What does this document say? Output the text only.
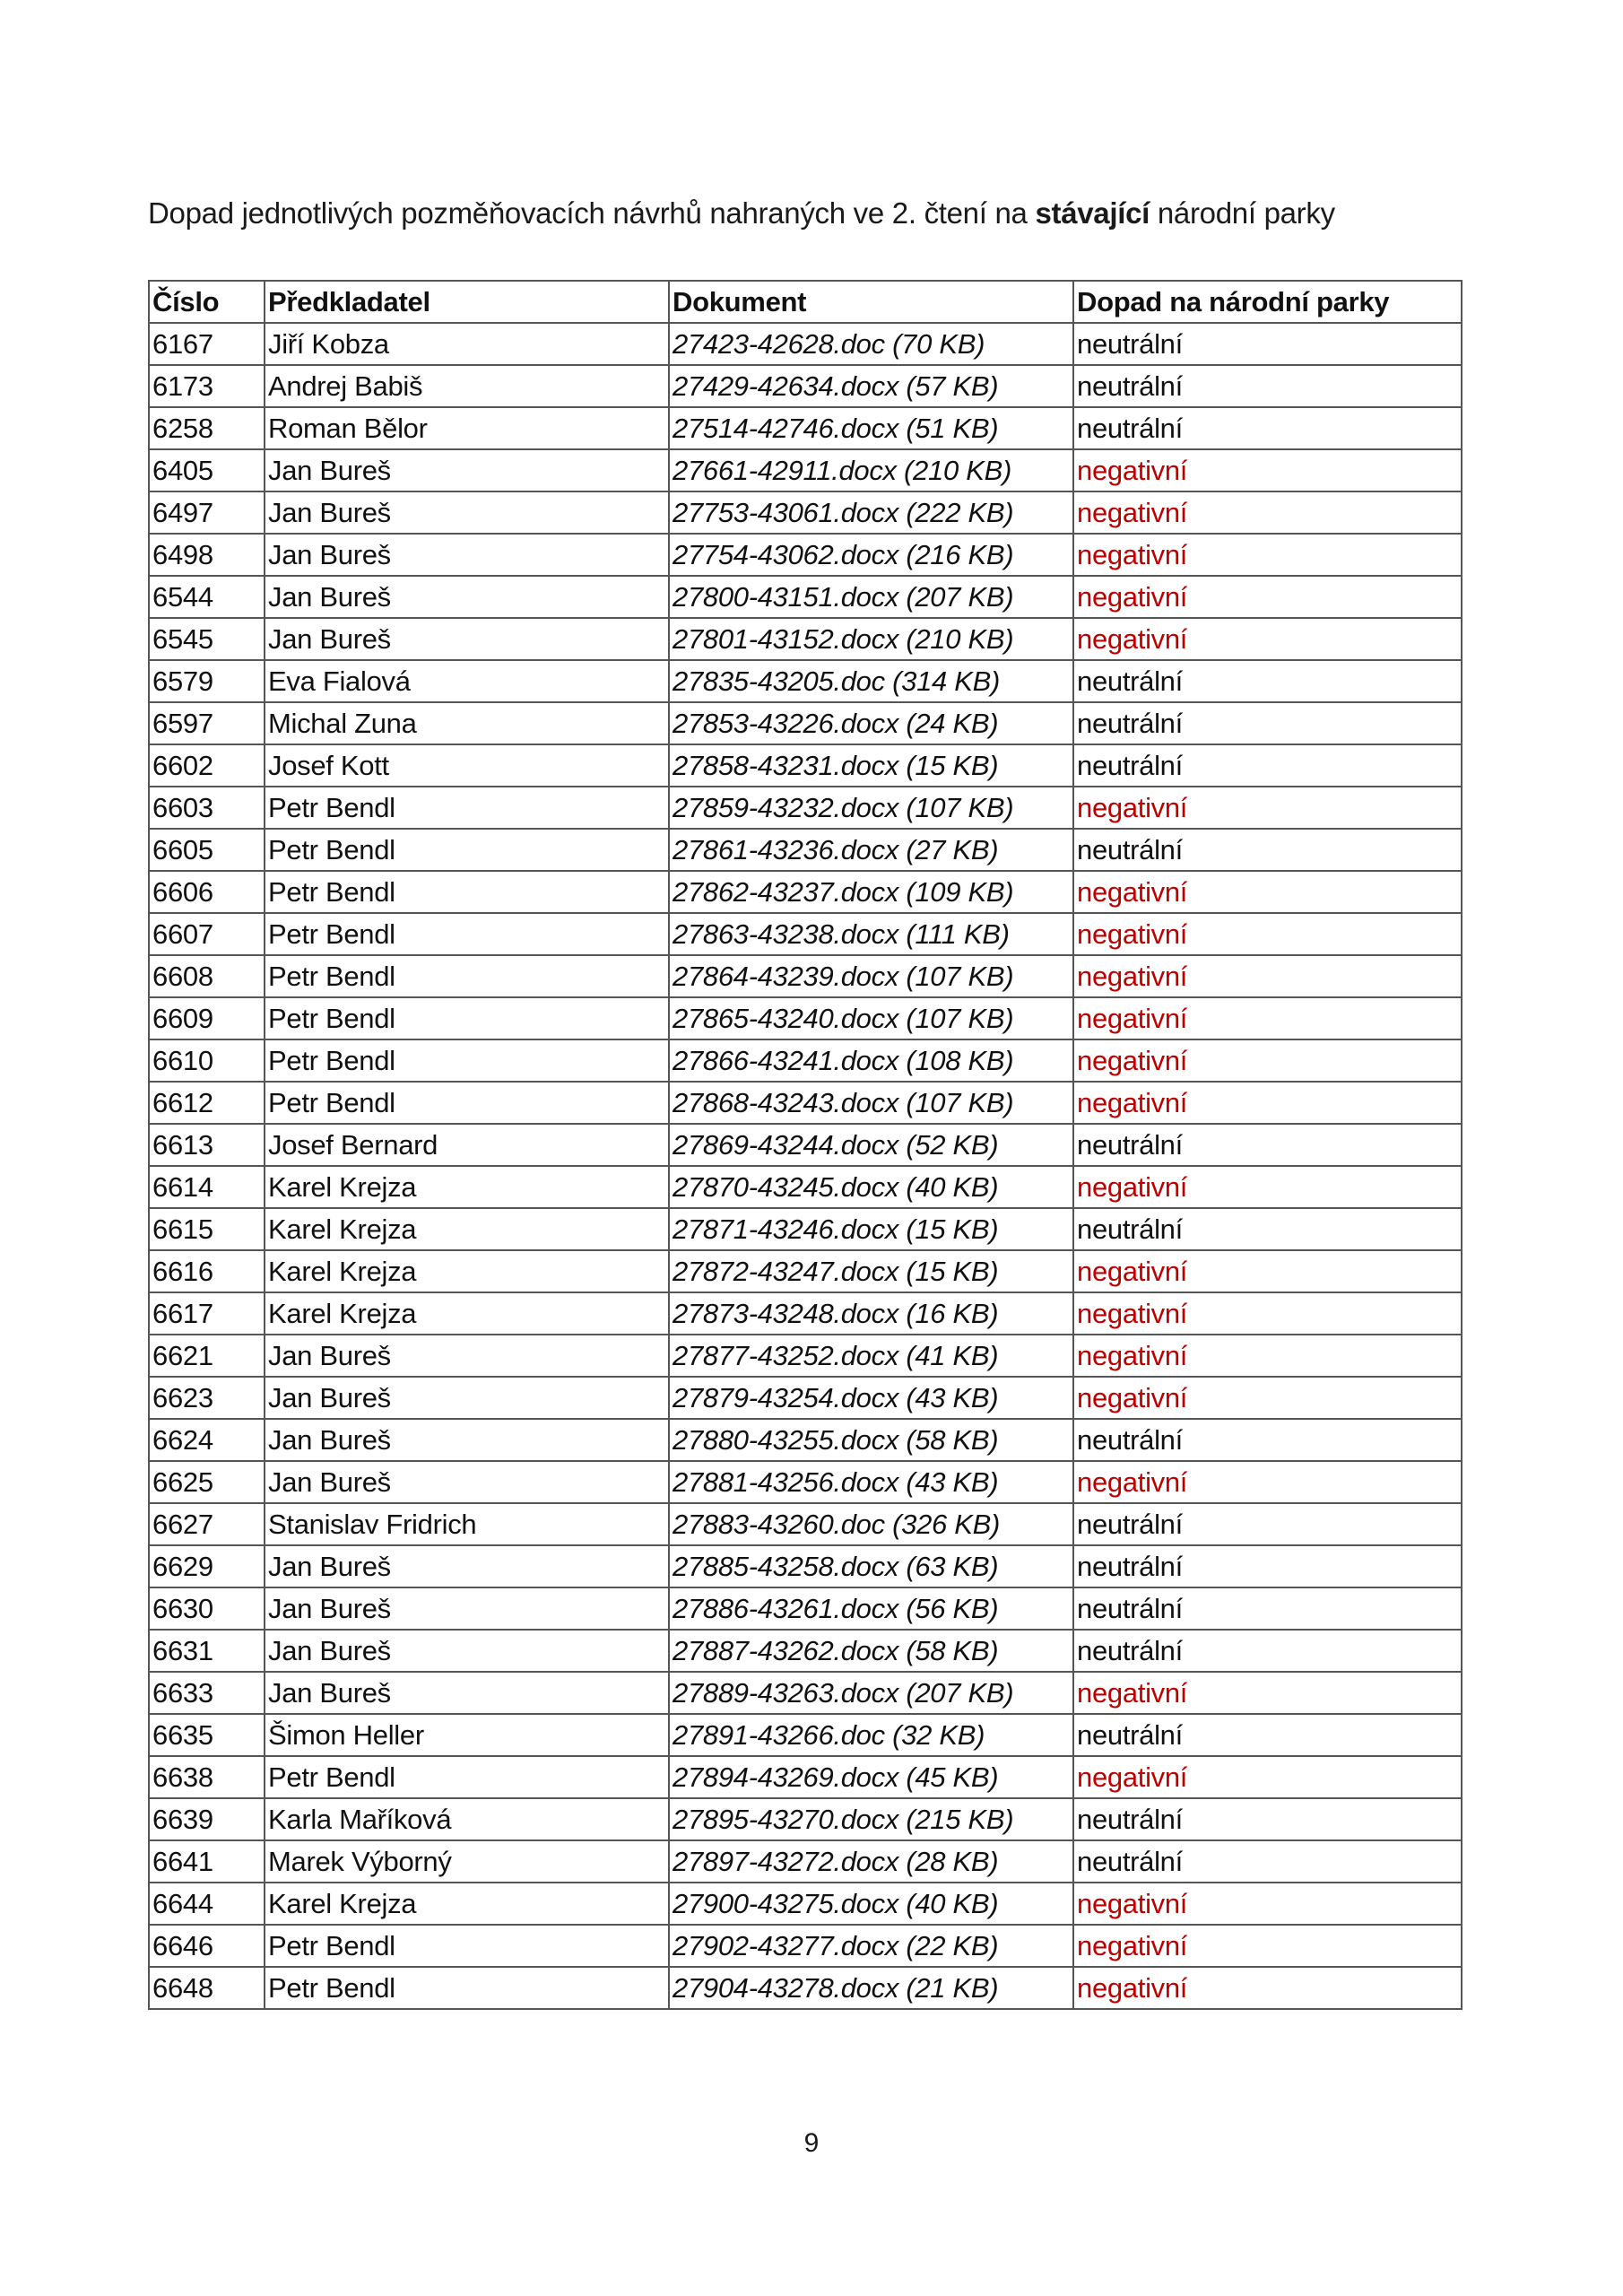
Dopad jednotlivých pozměňovacích návrhů nahraných ve 2. čtení na stávající národní parky
Číslo	Předkladatel	Dokument	Dopad na národní parky
6167	Jiří Kobza	27423-42628.doc (70 KB)	neutrální
6173	Andrej Babiš	27429-42634.docx (57 KB)	neutrální
6258	Roman Bělor	27514-42746.docx (51 KB)	neutrální
6405	Jan Bureš	27661-42911.docx (210 KB)	negativní
6497	Jan Bureš	27753-43061.docx (222 KB)	negativní
6498	Jan Bureš	27754-43062.docx (216 KB)	negativní
6544	Jan Bureš	27800-43151.docx (207 KB)	negativní
6545	Jan Bureš	27801-43152.docx (210 KB)	negativní
6579	Eva Fialová	27835-43205.doc (314 KB)	neutrální
6597	Michal Zuna	27853-43226.docx (24 KB)	neutrální
6602	Josef Kott	27858-43231.docx (15 KB)	neutrální
6603	Petr Bendl	27859-43232.docx (107 KB)	negativní
6605	Petr Bendl	27861-43236.docx (27 KB)	neutrální
6606	Petr Bendl	27862-43237.docx (109 KB)	negativní
6607	Petr Bendl	27863-43238.docx (111 KB)	negativní
6608	Petr Bendl	27864-43239.docx (107 KB)	negativní
6609	Petr Bendl	27865-43240.docx (107 KB)	negativní
6610	Petr Bendl	27866-43241.docx (108 KB)	negativní
6612	Petr Bendl	27868-43243.docx (107 KB)	negativní
6613	Josef Bernard	27869-43244.docx (52 KB)	neutrální
6614	Karel Krejza	27870-43245.docx (40 KB)	negativní
6615	Karel Krejza	27871-43246.docx (15 KB)	neutrální
6616	Karel Krejza	27872-43247.docx (15 KB)	negativní
6617	Karel Krejza	27873-43248.docx (16 KB)	negativní
6621	Jan Bureš	27877-43252.docx (41 KB)	negativní
6623	Jan Bureš	27879-43254.docx (43 KB)	negativní
6624	Jan Bureš	27880-43255.docx (58 KB)	neutrální
6625	Jan Bureš	27881-43256.docx (43 KB)	negativní
6627	Stanislav Fridrich	27883-43260.doc (326 KB)	neutrální
6629	Jan Bureš	27885-43258.docx (63 KB)	neutrální
6630	Jan Bureš	27886-43261.docx (56 KB)	neutrální
6631	Jan Bureš	27887-43262.docx (58 KB)	neutrální
6633	Jan Bureš	27889-43263.docx (207 KB)	negativní
6635	Šimon Heller	27891-43266.doc (32 KB)	neutrální
6638	Petr Bendl	27894-43269.docx (45 KB)	negativní
6639	Karla Maříková	27895-43270.docx (215 KB)	neutrální
6641	Marek Výborný	27897-43272.docx (28 KB)	neutrální
6644	Karel Krejza	27900-43275.docx (40 KB)	negativní
6646	Petr Bendl	27902-43277.docx (22 KB)	negativní
6648	Petr Bendl	27904-43278.docx (21 KB)	negativní
9
